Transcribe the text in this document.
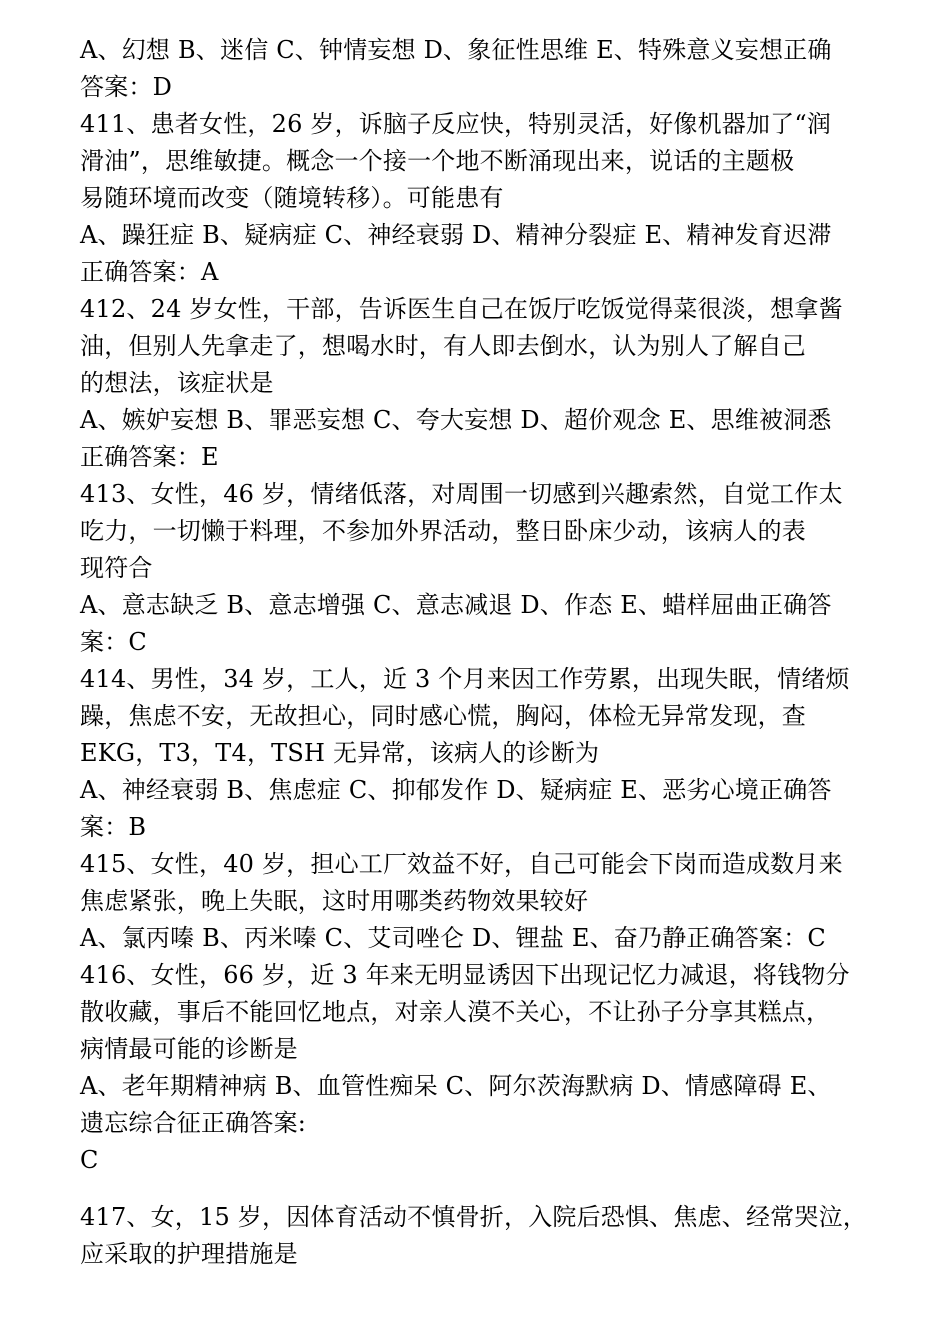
A、幻想 B、迷信 C、钟情妄想 D、象征性思维 E、特殊意义妄想正确
答案：D
411、患者女性，26 岁，诉脑子反应快，特别灵活，好像机器加了“润
滑油”，思维敏捷。概念一个接一个地不断涌现出来，说话的主题极
易随环境而改变（随境转移）。可能患有
A、躁狂症 B、疑病症 C、神经衰弱 D、精神分裂症 E、精神发育迟滞
正确答案：A
412、24 岁女性，干部，告诉医生自己在饭厅吃饭觉得菜很淡，想拿酱
油，但别人先拿走了，想喝水时，有人即去倒水，认为别人了解自己
的想法，该症状是
A、嫉妒妄想 B、罪恶妄想 C、夸大妄想 D、超价观念 E、思维被洞悉
正确答案：E
413、女性，46 岁，情绪低落，对周围一切感到兴趣索然，自觉工作太
吃力，一切懒于料理，不参加外界活动，整日卧床少动，该病人的表
现符合
A、意志缺乏 B、意志增强 C、意志减退 D、作态 E、蜡样屈曲正确答
案：C
414、男性，34 岁，工人，近 3 个月来因工作劳累，出现失眠，情绪烦
躁，焦虑不安，无故担心，同时感心慌，胸闷，体检无异常发现，查
EKG，T3，T4，TSH 无异常，该病人的诊断为
A、神经衰弱 B、焦虑症 C、抑郁发作 D、疑病症 E、恶劣心境正确答
案：B
415、女性，40 岁，担心工厂效益不好，自己可能会下岗而造成数月来
焦虑紧张，晚上失眠，这时用哪类药物效果较好
A、氯丙嗪 B、丙米嗪 C、艾司唑仑 D、锂盐 E、奋乃静正确答案：C
416、女性，66 岁，近 3 年来无明显诱因下出现记忆力减退，将钱物分
散收藏，事后不能回忆地点，对亲人漠不关心，不让孙子分享其糕点，
病情最可能的诊断是
A、老年期精神病 B、血管性痴呆 C、阿尔茨海默病 D、情感障碍 E、
遗忘综合征正确答案:
C
417、女，15 岁，因体育活动不慎骨折，入院后恐惧、焦虑、经常哭泣，
应采取的护理措施是
